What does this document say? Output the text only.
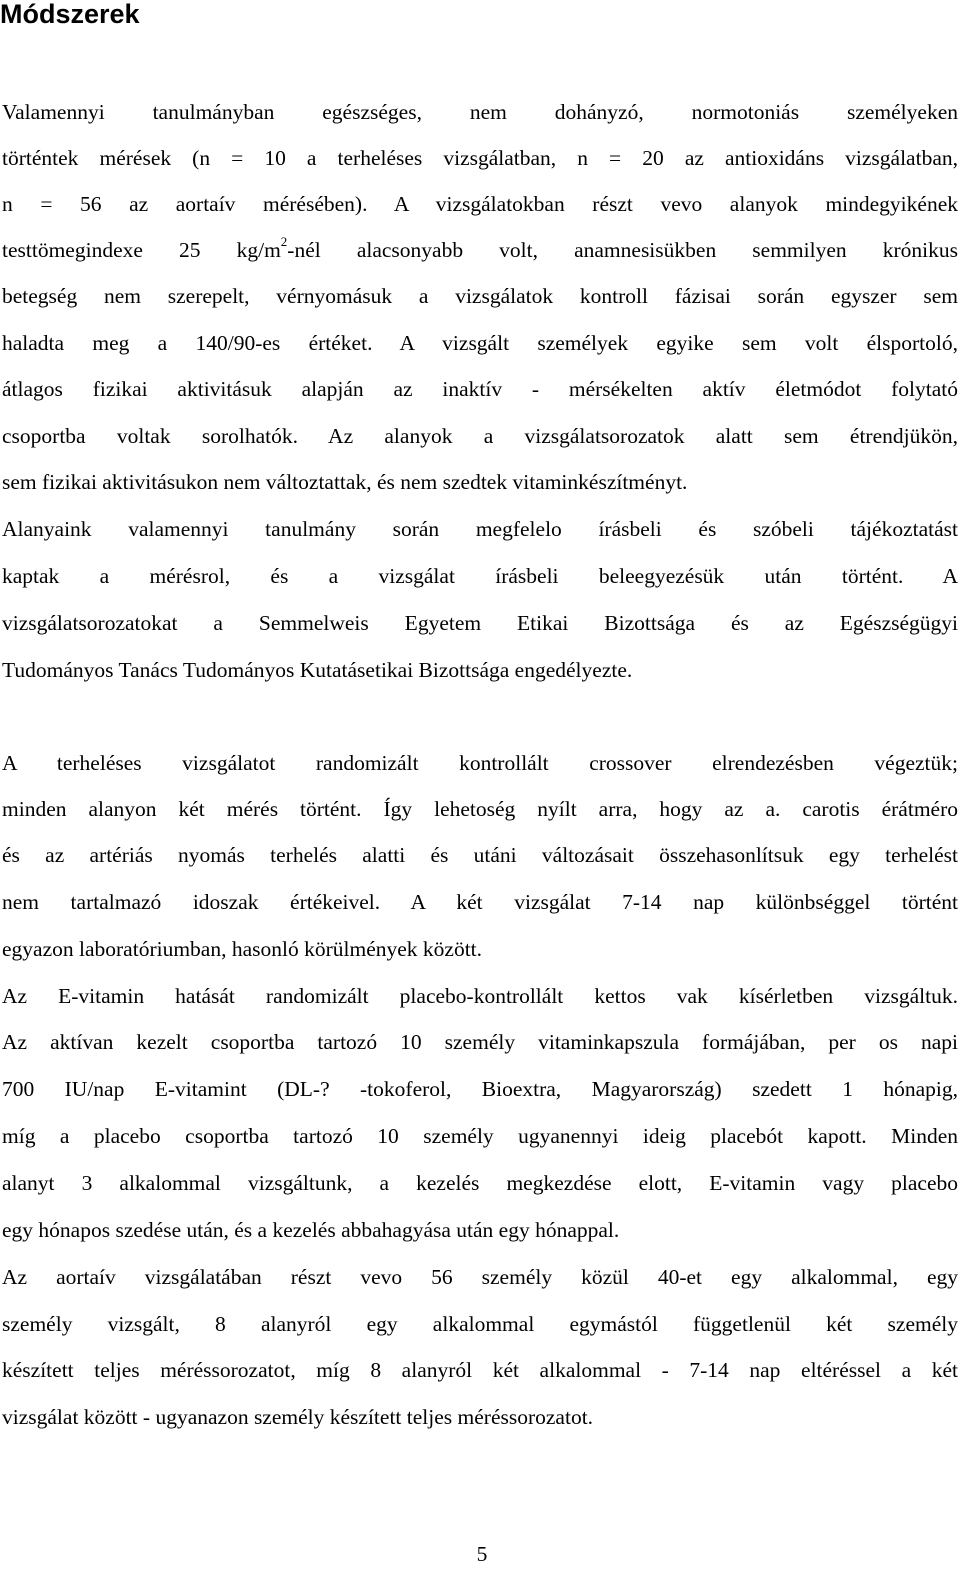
Módszerek
Valamennyi tanulmányban egészséges, nem dohányzó, normotoniás személyeken
történtek mérések (n = 10 a terheléses vizsgálatban, n = 20 az antioxidáns vizsgálatban,
n = 56 az aortaív mérésében). A vizsgálatokban részt vevo alanyok mindegyikének
testtömegindexe 25 $kg/m^2$-nél alacsonyabb volt, anamnesisükben semmilyen krónikus
betegség nem szerepelt, vérnyomásuk a vizsgálatok kontroll fázisai során egyszer sem
haladta meg a 140/90-es értéket. A vizsgált személyek egyike sem volt élsportoló,
átlagos fizikai aktivitásuk alapján az inaktív - mérsékelten aktív életmódot folytató
csoportba voltak sorolhatók. Az alanyok a vizsgálatsorozatok alatt sem étrendjükön,
sem fizikai aktivitásukon nem változtattak, és nem szedtek vitaminkészítményt.
Alanyaink valamennyi tanulmány során megfelelo írásbeli és szóbeli tájékoztatást
kaptak a mérésrol, és a vizsgálat írásbeli beleegyezésük után történt. A
vizsgálatsorozatokat a Semmelweis Egyetem Etikai Bizottsága és az Egészségügyi
Tudományos Tanács Tudományos Kutatásetikai Bizottsága engedélyezte.
A terheléses vizsgálatot randomizált kontrollált crossover elrendezésben végeztük;
minden alanyon két mérés történt. Így lehetoség nyílt arra, hogy az a. carotis érátméro
és az artériás nyomás terhelés alatti és utáni változásait összehasonlítsuk egy terhelést
nem tartalmazó idoszak értékeivel. A két vizsgálat 7-14 nap különbséggel történt
egyazon laboratóriumban, hasonló körülmények között.
Az E-vitamin hatását randomizált placebo-kontrollált kettos vak kísérletben vizsgáltuk.
Az aktívan kezelt csoportba tartozó 10 személy vitaminkapszula formájában, per os napi
700 IU/nap E-vitamint (DL-? -tokoferol, Bioextra, Magyarország) szedett 1 hónapig,
míg a placebo csoportba tartozó 10 személy ugyanennyi ideig placebót kapott. Minden
alanyt 3 alkalommal vizsgáltunk, a kezelés megkezdése elott, E-vitamin vagy placebo
egy hónapos szedése után, és a kezelés abbahagyása után egy hónappal.
Az aortaív vizsgálatában részt vevo 56 személy közül 40-et egy alkalommal, egy
személy vizsgált, 8 alanyról egy alkalommal egymástól függetlenül két személy
készített teljes méréssorozatot, míg 8 alanyról két alkalommal - 7-14 nap eltéréssel a két
vizsgálat között - ugyanazon személy készített teljes méréssorozatot.
5
